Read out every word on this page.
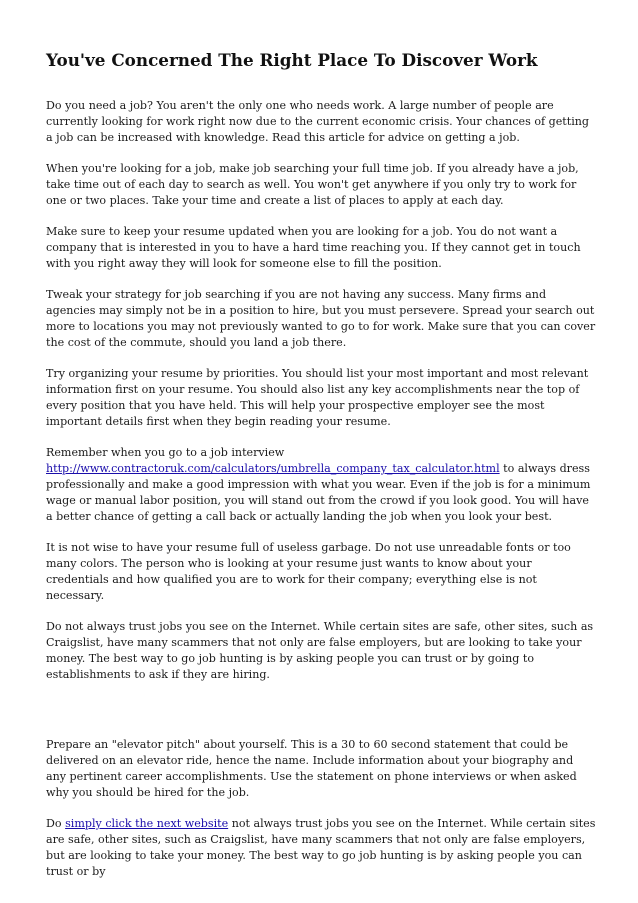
You've Concerned The Right Place To Discover Work

Do you need a job? You aren't the only one who needs work. A large number of people are currently looking for work right now due to the current economic crisis. Your chances of getting a job can be increased with knowledge. Read this article for advice on getting a job.

When you're looking for a job, make job searching your full time job. If you already have a job, take time out of each day to search as well. You won't get anywhere if you only try to work for one or two places. Take your time and create a list of places to apply at each day.

Make sure to keep your resume updated when you are looking for a job. You do not want a company that is interested in you to have a hard time reaching you. If they cannot get in touch with you right away they will look for someone else to fill the position.

Tweak your strategy for job searching if you are not having any success. Many firms and agencies may simply not be in a position to hire, but you must persevere. Spread your search out more to locations you may not previously wanted to go to for work. Make sure that you can cover the cost of the commute, should you land a job there.

Try organizing your resume by priorities. You should list your most important and most relevant information first on your resume. You should also list any key accomplishments near the top of every position that you have held. This will help your prospective employer see the most important details first when they begin reading your resume.

Remember when you go to a job interview http://www.contractoruk.com/calculators/umbrella_company_tax_calculator.html to always dress professionally and make a good impression with what you wear. Even if the job is for a minimum wage or manual labor position, you will stand out from the crowd if you look good. You will have a better chance of getting a call back or actually landing the job when you look your best.

It is not wise to have your resume full of useless garbage. Do not use unreadable fonts or too many colors. The person who is looking at your resume just wants to know about your credentials and how qualified you are to work for their company; everything else is not necessary.

Do not always trust jobs you see on the Internet. While certain sites are safe, other sites, such as Craigslist, have many scammers that not only are false employers, but are looking to take your money. The best way to go job hunting is by asking people you can trust or by going to establishments to ask if they are hiring.

Prepare an "elevator pitch" about yourself. This is a 30 to 60 second statement that could be delivered on an elevator ride, hence the name. Include information about your biography and any pertinent career accomplishments. Use the statement on phone interviews or when asked why you should be hired for the job.

Do simply click the next website not always trust jobs you see on the Internet. While certain sites are safe, other sites, such as Craigslist, have many scammers that not only are false employers, but are looking to take your money. The best way to go job hunting is by asking people you can trust or by
